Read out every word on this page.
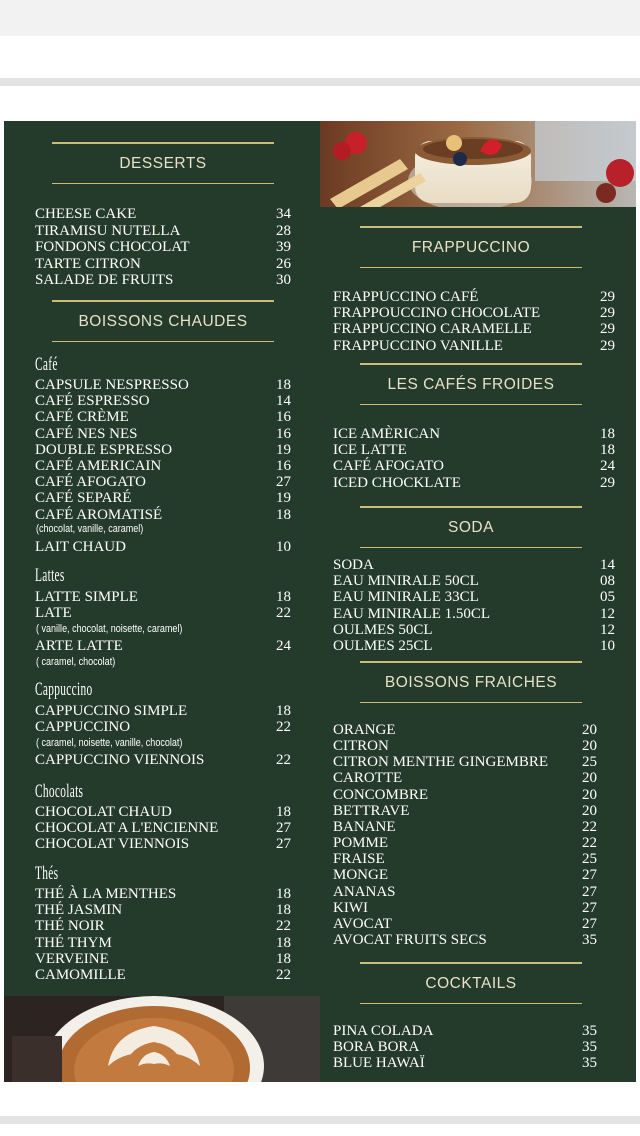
DESSERTS
CHEESE CAKE	34
TIRAMISU NUTELLA	28
FONDONS CHOCOLAT	39
TARTE CITRON	26
SALADE DE FRUITS	30
BOISSONS CHAUDES
Café
CAPSULE NESPRESSO	18
CAFÉ ESPRESSO	14
CAFÉ CRÈME	16
CAFÉ NES NES	16
DOUBLE ESPRESSO	19
CAFÉ AMERICAIN	16
CAFÉ AFOGATO	27
CAFÉ SEPARÉ	19
CAFÉ AROMATISÉ	18
(chocolat, vanille, caramel)
LAIT CHAUD	10
Lattes
LATTE SIMPLE	18
LATE	22
( vanille, chocolat, noisette, caramel)
ARTE LATTE	24
( caramel, chocolat)
Cappuccino
CAPPUCCINO SIMPLE	18
CAPPUCCINO	22
( caramel, noisette, vanille, chocolat)
CAPPUCCINO VIENNOIS	22
Chocolats
CHOCOLAT CHAUD	18
CHOCOLAT A L'ENCIENNE	27
CHOCOLAT VIENNOIS	27
Thés
THÉ À LA MENTHES	18
THÉ JASMIN	18
THÉ NOIR	22
THÉ THYM	18
VERVEINE	18
CAMOMILLE	22
FRAPPUCCINO
FRAPPUCCINO CAFÉ	29
FRAPPOUCCINO CHOCOLATE	29
FRAPPUCCINO CARAMELLE	29
FRAPPUCCINO VANILLE	29
LES CAFÉS FROIDES
ICE AMÈRICAN	18
ICE LATTE	18
CAFÉ AFOGATO	24
ICED CHOCKLATE	29
SODA
SODA	14
EAU MINIRALE 50CL	08
EAU MINIRALE 33CL	05
EAU MINIRALE 1.50CL	12
OULMES 50CL	12
OULMES 25CL	10
BOISSONS FRAICHES
ORANGE	20
CITRON	20
CITRON MENTHE GINGEMBRE 25
CAROTTE	20
CONCOMBRE	20
BETTRAVE	20
BANANE	22
POMME	22
FRAISE	25
MONGE	27
ANANAS	27
KIWI	27
AVOCAT	27
AVOCAT FRUITS SECS	35
COCKTAILS
PINA COLADA	35
BORA BORA	35
BLUE HAWAÏ	35
